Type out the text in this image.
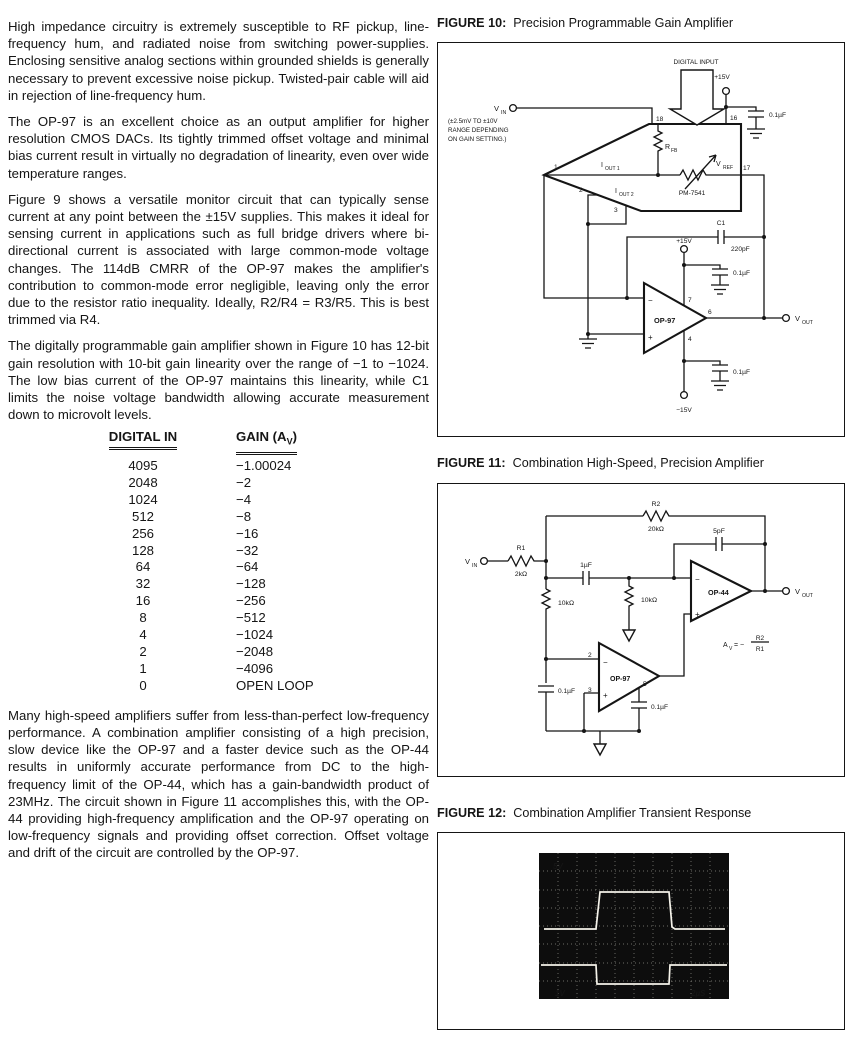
High impedance circuitry is extremely susceptible to RF pickup, line-frequency hum, and radiated noise from switching power-supplies. Enclosing sensitive analog sections within grounded shields is generally necessary to prevent excessive noise pickup. Twisted-pair cable will aid in rejection of line-frequency hum.

The OP-97 is an excellent choice as an output amplifier for higher resolution CMOS DACs. Its tightly trimmed offset voltage and minimal bias current result in virtually no degradation of linearity, even over wide temperature ranges.

Figure 9 shows a versatile monitor circuit that can typically sense current at any point between the ±15V supplies. This makes it ideal for sensing current in applications such as full bridge drivers where bi-directional current is associated with large common-mode voltage changes. The 114dB CMRR of the OP-97 makes the amplifier's contribution to common-mode error negligible, leaving only the error due to the resistor ratio inequality. Ideally, R2/R4 = R3/R5. This is best trimmed via R4.

The digitally programmable gain amplifier shown in Figure 10 has 12-bit gain resolution with 10-bit gain linearity over the range of −1 to −1024. The low bias current of the OP-97 maintains this linearity, while C1 limits the noise voltage bandwidth allowing accurate measurement down to microvolt levels.

DIGITAL IN	GAIN $(A_V)$
4095	−1.00024
2048	−2
1024	−4
512	−8
256	−16
128	−32
64	−64
32	−128
16	−256
8	−512
4	−1024
2	−2048
1	−4096
0	OPEN LOOP

Many high-speed amplifiers suffer from less-than-perfect low-frequency performance. A combination amplifier consisting of a high precision, slow device like the OP-97 and a faster device such as the OP-44 results in uniformly accurate performance from DC to the high-frequency limit of the OP-44, which has a gain-bandwidth product of 23MHz. The circuit shown in Figure 11 accomplishes this, with the OP-44 providing high-frequency amplification and the OP-97 operating on low-frequency signals and providing offset correction. Offset voltage and drift of the circuit are controlled by the OP-97.

FIGURE 10: Precision Programmable Gain Amplifier
V IN
(±2.5mV TO ±10V
RANGE DEPENDING
ON GAIN SETTING.)
DIGITAL INPUT
+15V
0.1µF
18	16
17
1
2
3
R FB
I OUT 1
I OUT 2
V REF
PM-7541
C1
220pF
+15V
0.1µF
OP-97
−
+
7
6
4
V OUT
0.1µF
−15V
FIGURE 11: Combination High-Speed, Precision Amplifier
V IN
R1
2kΩ
R2
20kΩ	5pF
1µF
10kΩ	10kΩ
OP-44
−
+
V OUT
A V = −
R2
R1
OP-97
−
+
2
3
5
0.1µF
0.1µF
FIGURE 12: Combination Amplifier Transient Response
5V
1V	2µS
